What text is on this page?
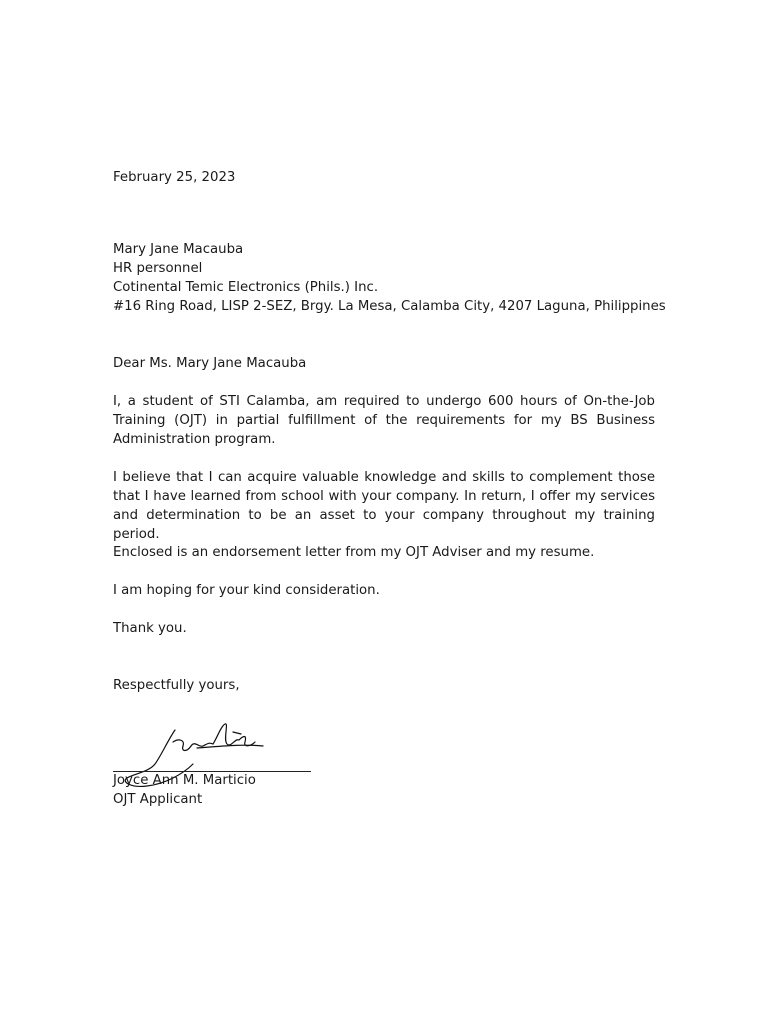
February 25, 2023
Mary Jane Macauba
HR personnel
Cotinental Temic Electronics (Phils.) Inc.
#16 Ring Road, LISP 2-SEZ, Brgy. La Mesa, Calamba City, 4207 Laguna, Philippines
Dear Ms. Mary Jane Macauba
I, a student of STI Calamba, am required to undergo 600 hours of On-the-Job Training (OJT) in partial fulfillment of the requirements for my BS Business Administration program.
I believe that I can acquire valuable knowledge and skills to complement those that I have learned from school with your company. In return, I offer my services and determination to be an asset to your company throughout my training period.
Enclosed is an endorsement letter from my OJT Adviser and my resume.
I am hoping for your kind consideration.
Thank you.
Respectfully yours,
Joyce Ann M. Marticio
OJT Applicant
